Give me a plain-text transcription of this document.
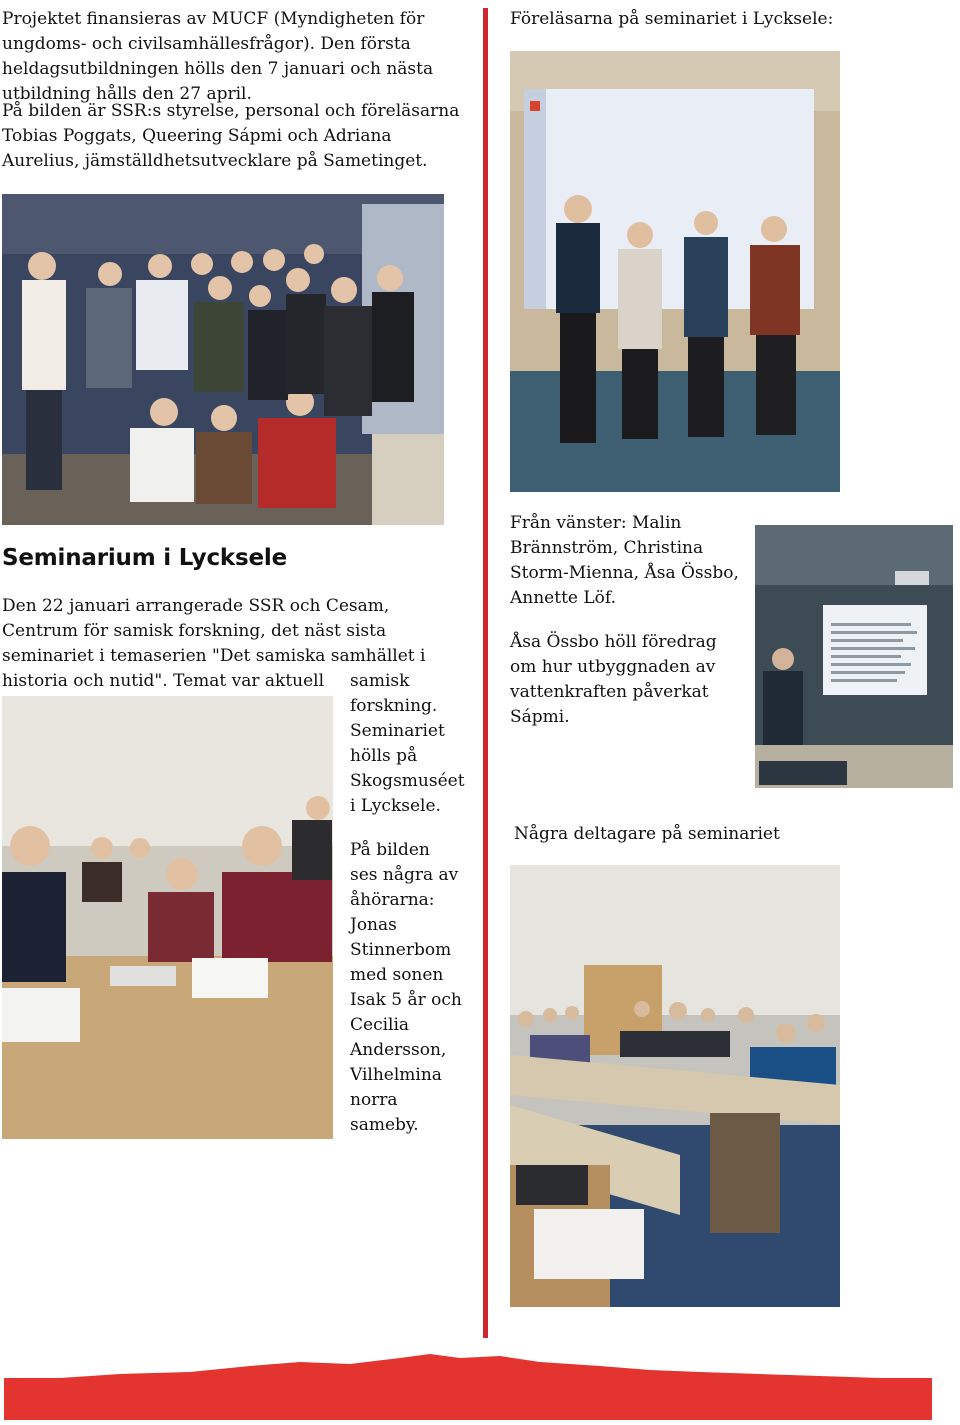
Projektet finansieras av MUCF (Myndigheten för ungdoms- och civilsamhällesfrågor). Den första heldagsutbildningen hölls den 7 januari och nästa utbildning hålls den 27 april.

På bilden är SSR:s styrelse, personal och föreläsarna Tobias Poggats, Queering Sápmi och Adriana Aurelius, jämställdhetsutvecklare på Sametinget.

Seminarium i Lycksele

Den 22 januari arrangerade SSR och Cesam, Centrum för samisk forskning, det näst sista seminariet i temaserien "Det samiska samhället i historia och nutid". Temat var aktuell	samisk forskning. Seminariet hölls på Skogsmuséet i Lycksele.

På bilden ses några av åhörarna: Jonas Stinnerbom med sonen Isak 5 år och Cecilia Andersson, Vilhelmina norra sameby.

Föreläsarna på seminariet i Lycksele:

Från vänster: Malin Brännström, Christina Storm-Mienna, Åsa Össbo, Annette Löf.

Åsa Össbo höll föredrag om hur utbyggnaden av vattenkraften påverkat Sápmi.

Några deltagare på seminariet
